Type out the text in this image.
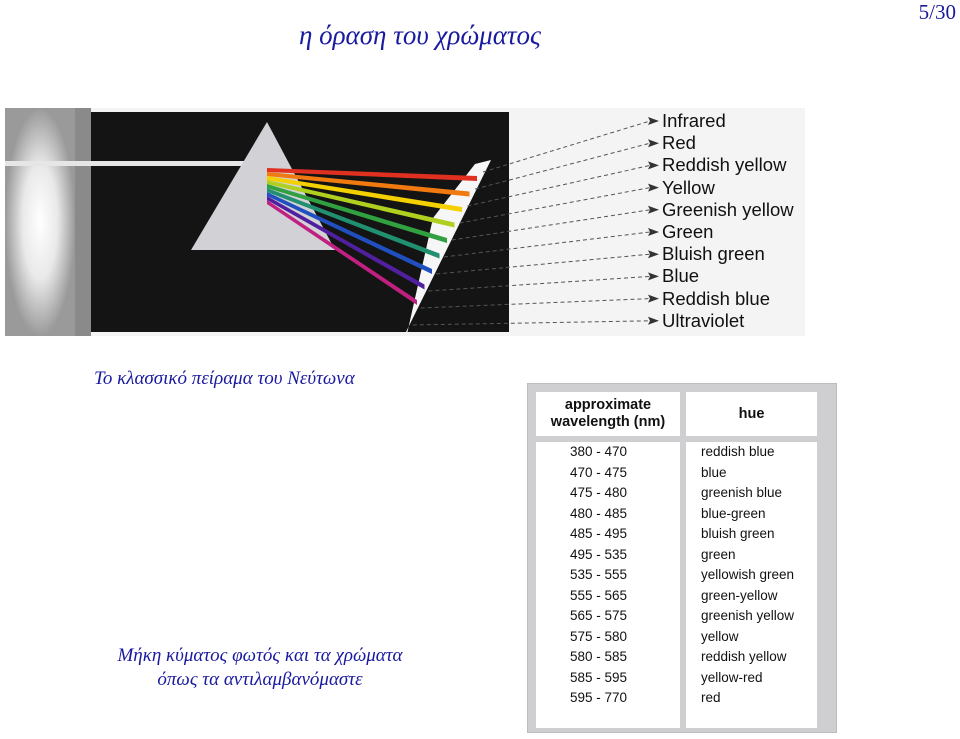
η όραση του χρώματος
5/30
Infrared
Red
Reddish yellow
Yellow
Greenish yellow
Green
Bluish green
Blue
Reddish blue
Ultraviolet
Το κλασσικό πείραμα του Νεύτωνα
Μήκη κύματος φωτός και τα χρώματα
όπως τα αντιλαμβανόμαστε
approximate
wavelength (nm)
hue
380 - 470
470 - 475
475 - 480
480 - 485
485 - 495
495 - 535
535 - 555
555 - 565
565 - 575
575 - 580
580 - 585
585 - 595
595 - 770
reddish blue
blue
greenish blue
blue-green
bluish green
green
yellowish green
green-yellow
greenish yellow
yellow
reddish yellow
yellow-red
red
